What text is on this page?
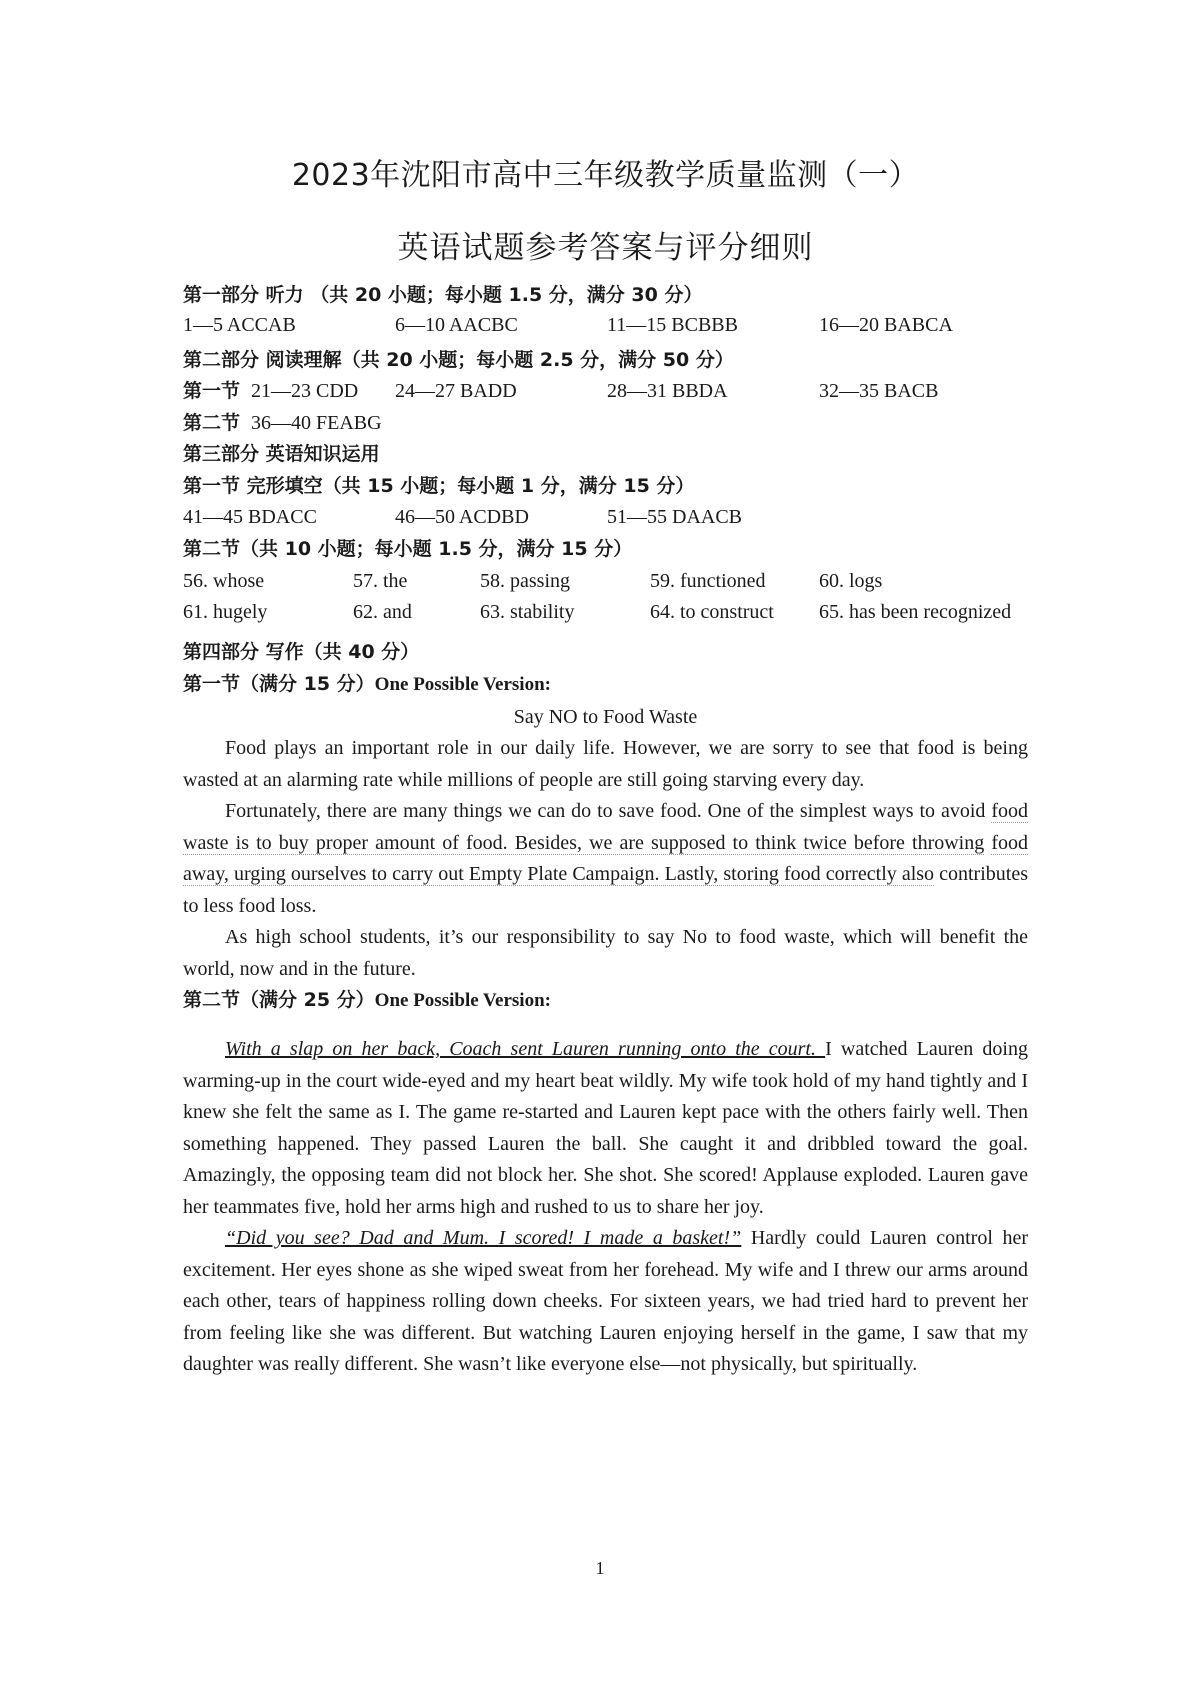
2023年沈阳市高中三年级教学质量监测（一）
英语试题参考答案与评分细则
第一部分 听力 （共 20 小题；每小题 1.5 分，满分 30 分）
1—5 ACCAB	6—10 AACBC	11—15 BCBBB	16—20 BABCA
第二部分 阅读理解（共 20 小题；每小题 2.5 分，满分 50 分）
第一节 21—23 CDD 24—27 BADD	28—31 BBDA	32—35 BACB
第二节 36—40 FEABG
第三部分 英语知识运用
第一节 完形填空（共 15 小题；每小题 1 分，满分 15 分）
41—45 BDACC	46—50 ACDBD	51—55 DAACB
第二节（共 10 小题；每小题 1.5 分，满分 15 分）
56. whose	57. the	58. passing	59. functioned	60. logs
61. hugely	62. and	63. stability	64. to construct 65. has been recognized
第四部分 写作（共 40 分）
第一节（满分 15 分）One Possible Version:
Say NO to Food Waste

Food plays an important role in our daily life. However, we are sorry to see that food is being wasted at an alarming rate while millions of people are still going starving every day.

Fortunately, there are many things we can do to save food. One of the simplest ways to avoid food waste is to buy proper amount of food. Besides, we are supposed to think twice before throwing food away, urging ourselves to carry out Empty Plate Campaign. Lastly, storing food correctly also contributes to less food loss.

As high school students, it’s our responsibility to say No to food waste, which will benefit the world, now and in the future.

第二节（满分 25 分）One Possible Version:

With a slap on her back, Coach sent Lauren running onto the court. I watched Lauren doing warming-up in the court wide-eyed and my heart beat wildly. My wife took hold of my hand tightly and I knew she felt the same as I. The game re-started and Lauren kept pace with the others fairly well. Then something happened. They passed Lauren the ball. She caught it and dribbled toward the goal. Amazingly, the opposing team did not block her. She shot. She scored! Applause exploded. Lauren gave her teammates five, hold her arms high and rushed to us to share her joy.

“Did you see? Dad and Mum. I scored! I made a basket!” Hardly could Lauren control her excitement. Her eyes shone as she wiped sweat from her forehead. My wife and I threw our arms around each other, tears of happiness rolling down cheeks. For sixteen years, we had tried hard to prevent her from feeling like she was different. But watching Lauren enjoying herself in the game, I saw that my daughter was really different. She wasn’t like everyone else—not physically, but spiritually.

1
